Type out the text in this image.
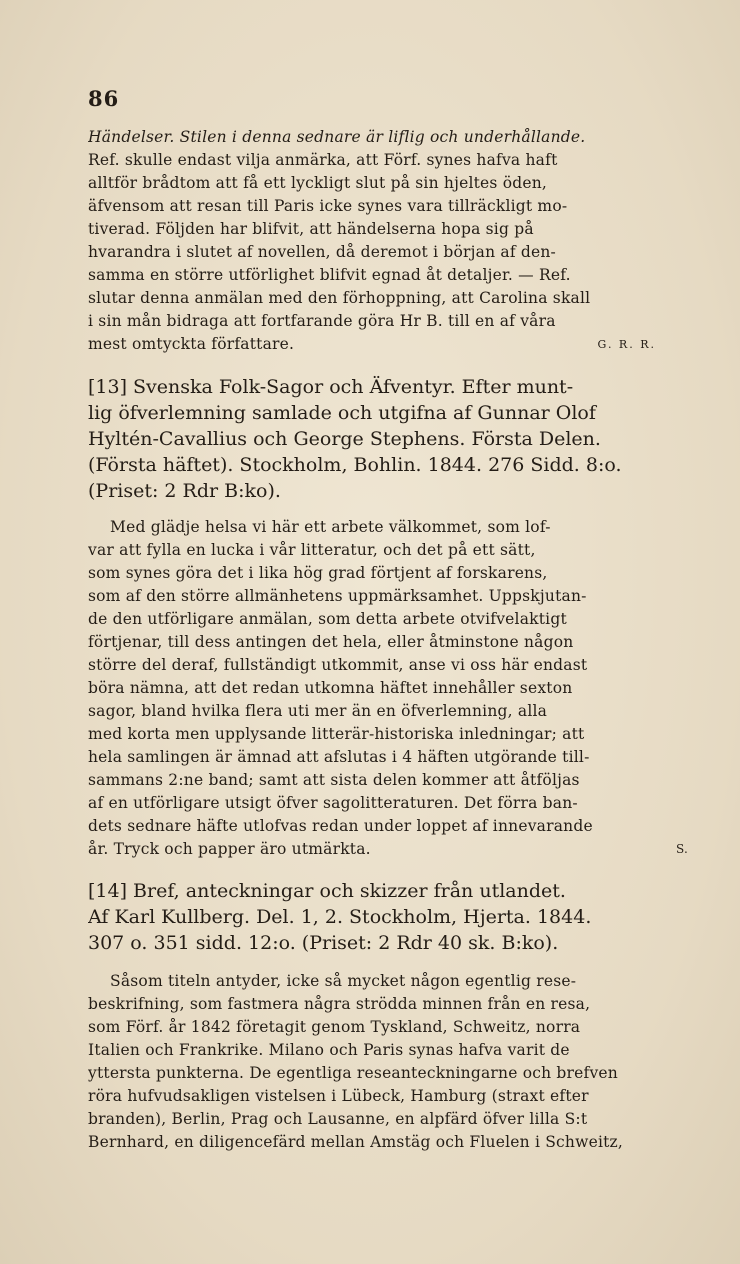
86
Händelser. Stilen i denna sednare är liflig och underhållande.
Ref. skulle endast vilja anmärka, att Förf. synes hafva haft
alltför brådtom att få ett lyckligt slut på sin hjeltes öden,
äfvensom att resan till Paris icke synes vara tillräckligt mo-
tiverad. Följden har blifvit, att händelserna hopa sig på
hvarandra i slutet af novellen, då deremot i början af den-
samma en större utförlighet blifvit egnad åt detaljer. — Ref.
slutar denna anmälan med den förhoppning, att Carolina skall
i sin mån bidraga att fortfarande göra Hr B. till en af våra
mest omtyckta författare.	G. R. R.
[13] Svenska Folk-Sagor och Äfventyr. Efter munt-
lig öfverlemning samlade och utgifna af Gunnar Olof
Hyltén-Cavallius och George Stephens. Första Delen.
(Första häftet). Stockholm, Bohlin. 1844. 276 Sidd. 8:o.
(Priset: 2 Rdr B:ko).
Med glädje helsa vi här ett arbete välkommet, som lof-
var att fylla en lucka i vår litteratur, och det på ett sätt,
som synes göra det i lika hög grad förtjent af forskarens,
som af den större allmänhetens uppmärksamhet. Uppskjutan-
de den utförligare anmälan, som detta arbete otvifvelaktigt
förtjenar, till dess antingen det hela, eller åtminstone någon
större del deraf, fullständigt utkommit, anse vi oss här endast
böra nämna, att det redan utkomna häftet innehåller sexton
sagor, bland hvilka flera uti mer än en öfverlemning, alla
med korta men upplysande litterär-historiska inledningar; att
hela samlingen är ämnad att afslutas i 4 häften utgörande till-
sammans 2:ne band; samt att sista delen kommer att åtföljas
af en utförligare utsigt öfver sagolitteraturen. Det förra ban-
dets sednare häfte utlofvas redan under loppet af innevarande
år. Tryck och papper äro utmärkta.	S.
[14] Bref, anteckningar och skizzer från utlandet.
Af Karl Kullberg. Del. 1, 2. Stockholm, Hjerta. 1844.
307 o. 351 sidd. 12:o. (Priset: 2 Rdr 40 sk. B:ko).
Såsom titeln antyder, icke så mycket någon egentlig rese-
beskrifning, som fastmera några strödda minnen från en resa,
som Förf. år 1842 företagit genom Tyskland, Schweitz, norra
Italien och Frankrike. Milano och Paris synas hafva varit de
yttersta punkterna. De egentliga reseanteckningarne och brefven
röra hufvudsakligen vistelsen i Lübeck, Hamburg (straxt efter
branden), Berlin, Prag och Lausanne, en alpfärd öfver lilla S:t
Bernhard, en diligencefärd mellan Amstäg och Fluelen i Schweitz,
